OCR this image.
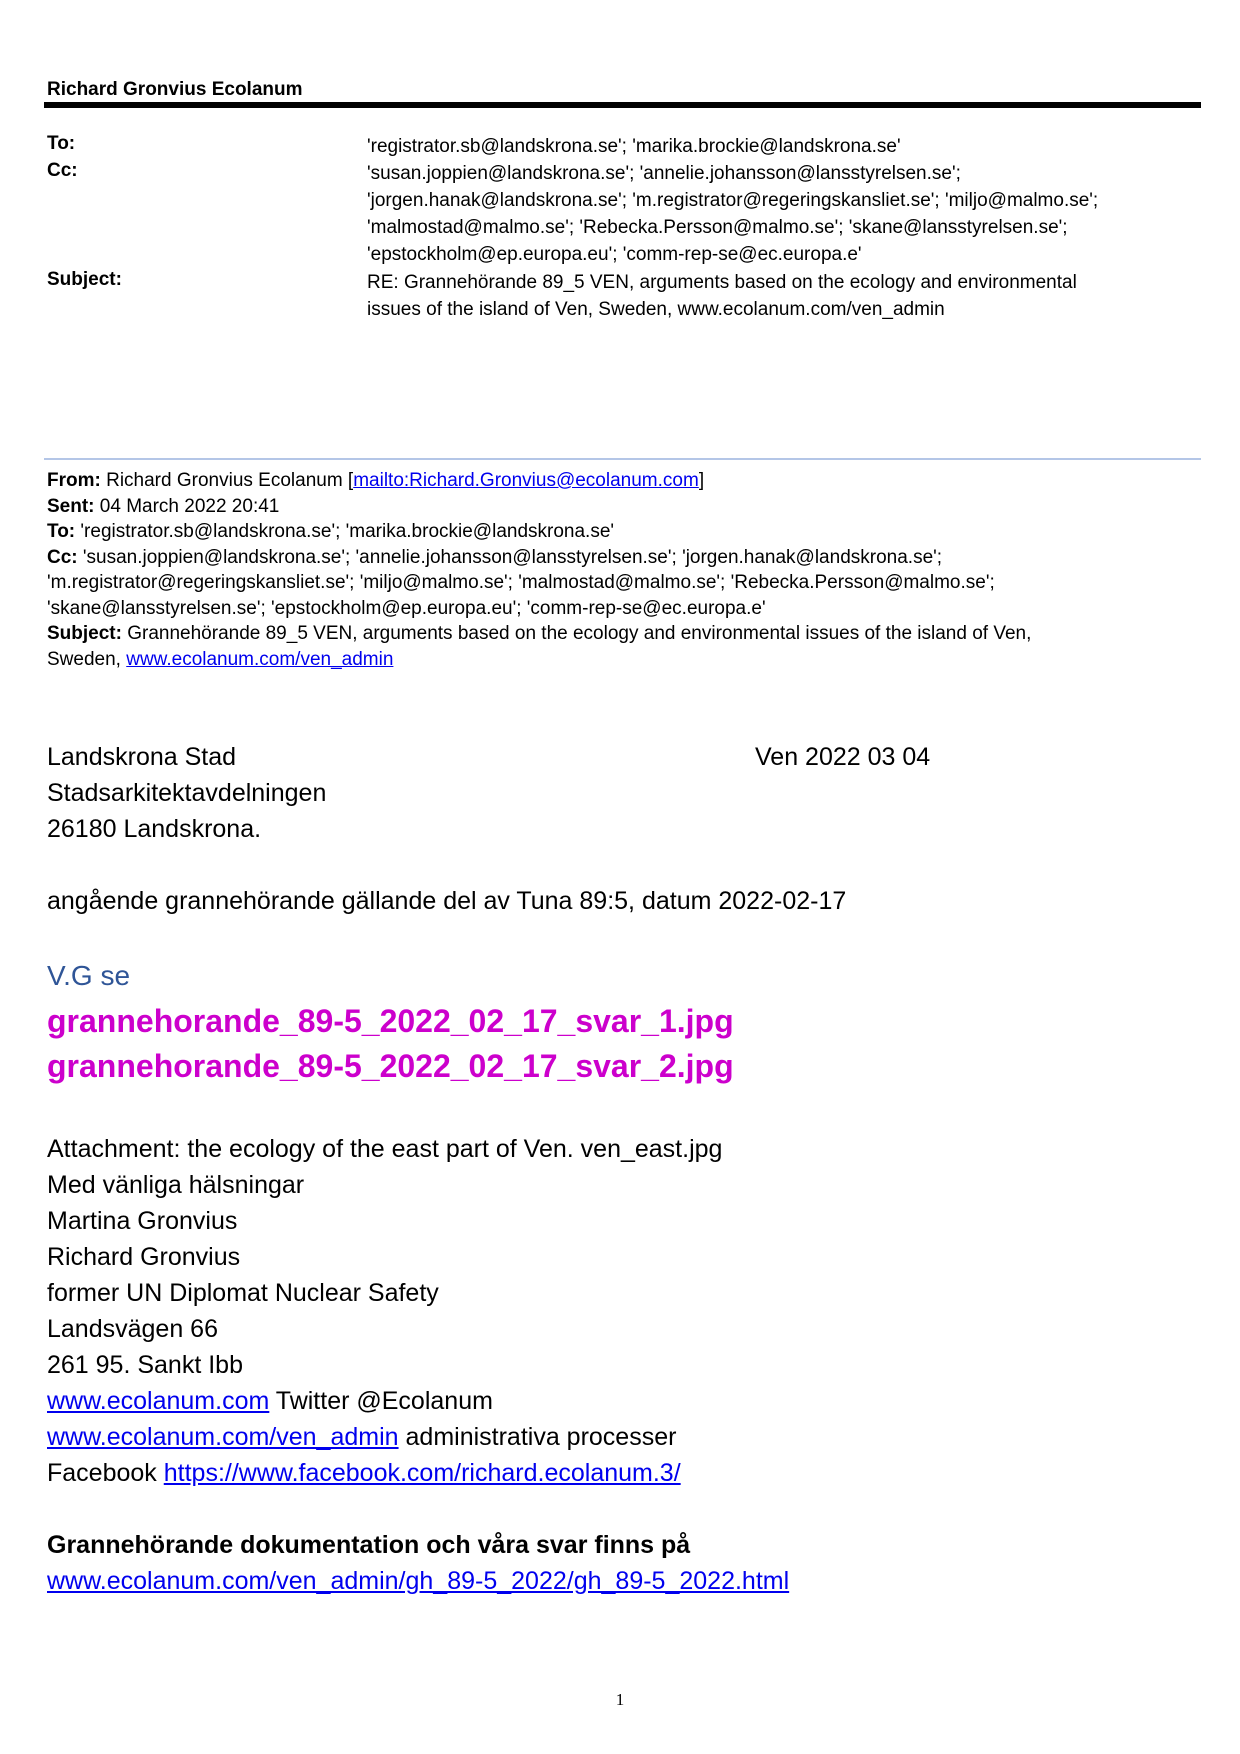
Richard Gronvius Ecolanum
To:	'registrator.sb@landskrona.se'; 'marika.brockie@landskrona.se'
Cc:	'susan.joppien@landskrona.se'; 'annelie.johansson@lansstyrelsen.se';
'jorgen.hanak@landskrona.se'; 'm.registrator@regeringskansliet.se'; 'miljo@malmo.se';
'malmostad@malmo.se'; 'Rebecka.Persson@malmo.se'; 'skane@lansstyrelsen.se';
'epstockholm@ep.europa.eu'; 'comm-rep-se@ec.europa.e'
Subject:	RE: Grannehörande 89_5 VEN, arguments based on the ecology and environmental
issues of the island of Ven, Sweden, www.ecolanum.com/ven_admin
From: Richard Gronvius Ecolanum [mailto:Richard.Gronvius@ecolanum.com]
Sent: 04 March 2022 20:41
To: 'registrator.sb@landskrona.se'; 'marika.brockie@landskrona.se'
Cc: 'susan.joppien@landskrona.se'; 'annelie.johansson@lansstyrelsen.se'; 'jorgen.hanak@landskrona.se';
'm.registrator@regeringskansliet.se'; 'miljo@malmo.se'; 'malmostad@malmo.se'; 'Rebecka.Persson@malmo.se';
'skane@lansstyrelsen.se'; 'epstockholm@ep.europa.eu'; 'comm-rep-se@ec.europa.e'
Subject: Grannehörande 89_5 VEN, arguments based on the ecology and environmental issues of the island of Ven,
Sweden, www.ecolanum.com/ven_admin
Landskrona Stad	Ven 2022 03 04
Stadsarkitektavdelningen
26180 Landskrona.
angående grannehörande gällande del av Tuna 89:5, datum 2022-02-17
V.G se
grannehorande_89-5_2022_02_17_svar_1.jpg
grannehorande_89-5_2022_02_17_svar_2.jpg
Attachment: the ecology of the east part of Ven. ven_east.jpg
Med vänliga hälsningar
Martina Gronvius
Richard Gronvius
former UN Diplomat Nuclear Safety
Landsvägen 66
261 95. Sankt Ibb
www.ecolanum.com Twitter @Ecolanum
www.ecolanum.com/ven_admin administrativa processer
Facebook https://www.facebook.com/richard.ecolanum.3/
Grannehörande dokumentation och våra svar finns på
www.ecolanum.com/ven_admin/gh_89-5_2022/gh_89-5_2022.html
1
